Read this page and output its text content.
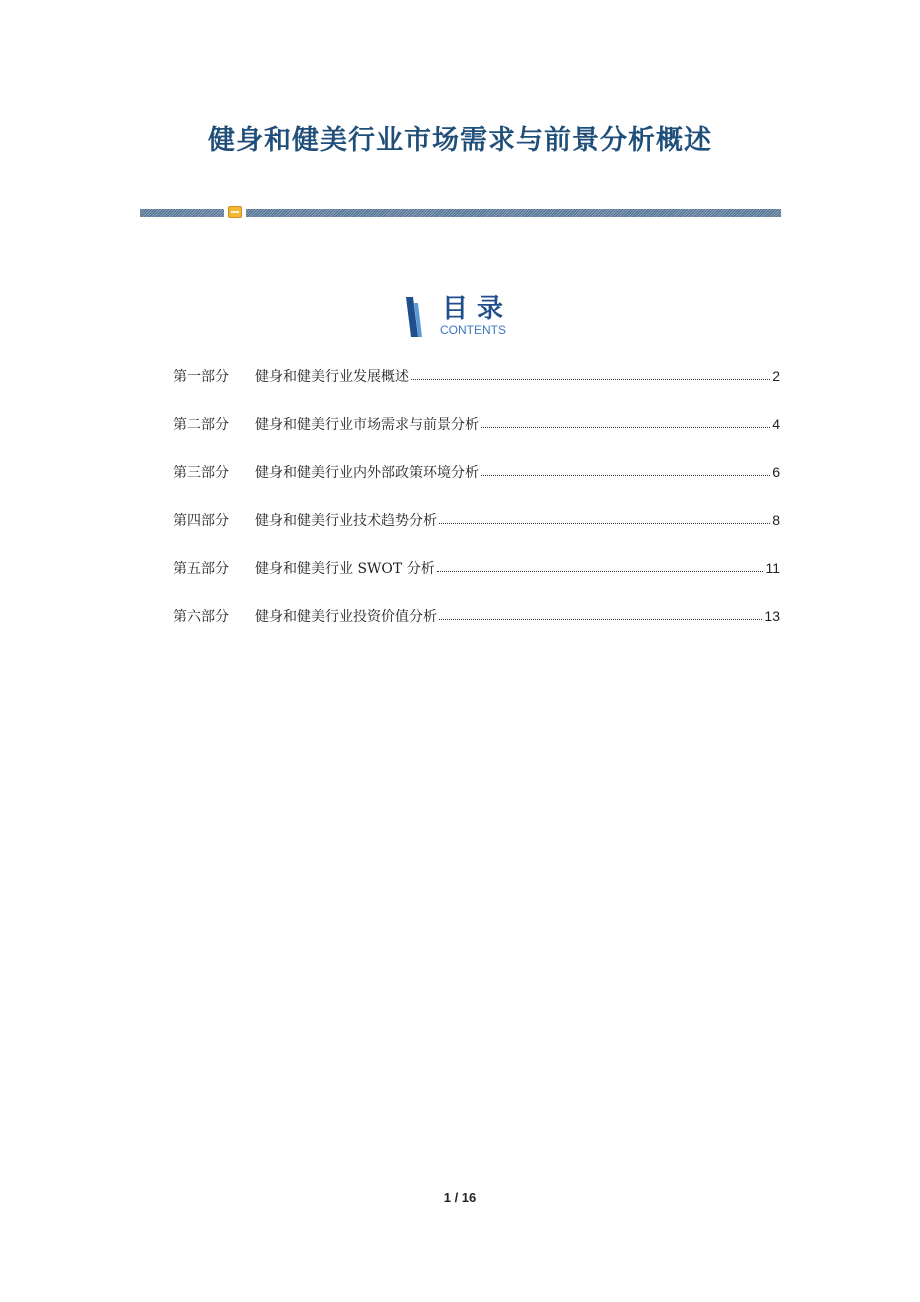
健身和健美行业市场需求与前景分析概述
目录
CONTENTS
第一部分	健身和健美行业发展概述	2
第二部分	健身和健美行业市场需求与前景分析	4
第三部分	健身和健美行业内外部政策环境分析	6
第四部分	健身和健美行业技术趋势分析	8
第五部分	健身和健美行业 SWOT 分析	11
第六部分	健身和健美行业投资价值分析	13
1 / 16
